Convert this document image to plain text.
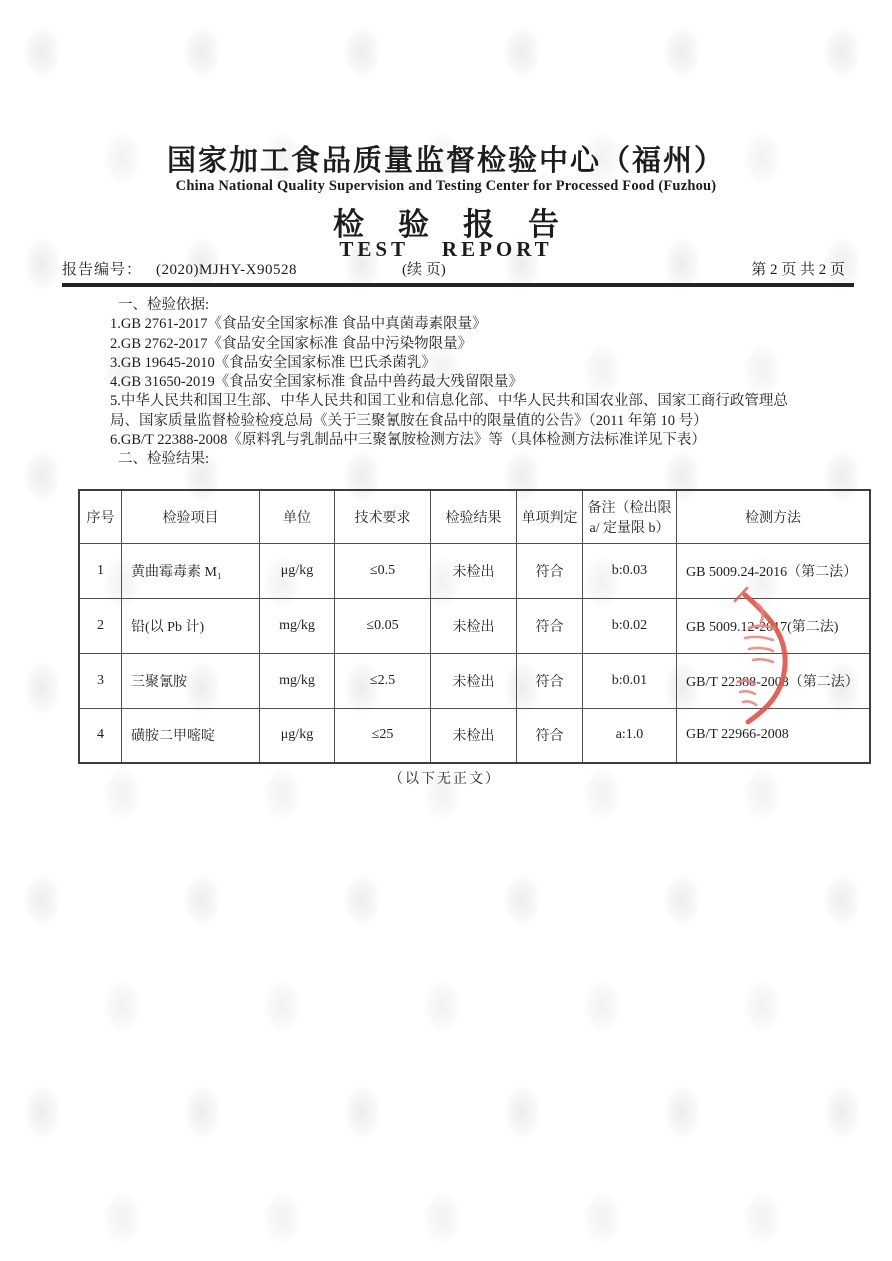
国家加工食品质量监督检验中心（福州）
China National Quality Supervision and Testing Center for Processed Food (Fuzhou)
检验报告
TEST REPORT
报告编号： (2020)MJHY-X90528	(续 页)	第 2 页 共 2 页
一、检验依据:
1.GB 2761-2017《食品安全国家标准 食品中真菌毒素限量》
2.GB 2762-2017《食品安全国家标准 食品中污染物限量》
3.GB 19645-2010《食品安全国家标准 巴氏杀菌乳》
4.GB 31650-2019《食品安全国家标准 食品中兽药最大残留限量》
5.中华人民共和国卫生部、中华人民共和国工业和信息化部、中华人民共和国农业部、国家工商行政管理总局、国家质量监督检验检疫总局《关于三聚氰胺在食品中的限量值的公告》（2011 年第 10 号）
6.GB/T 22388-2008《原料乳与乳制品中三聚氰胺检测方法》等（具体检测方法标准详见下表）
二、检验结果:
序号	检验项目	单位	技术要求	检验结果	单项判定	备注（检出限 a/ 定量限 b）	检测方法
1	黄曲霉毒素 M₁	μg/kg	≤0.5	未检出	符合	b:0.03	GB 5009.24-2016（第二法）
2	铅(以 Pb 计)	mg/kg	≤0.05	未检出	符合	b:0.02	GB 5009.12-2017(第二法)
3	三聚氰胺	mg/kg	≤2.5	未检出	符合	b:0.01	GB/T 22388-2008（第二法）
4	磺胺二甲嘧啶	μg/kg	≤25	未检出	符合	a:1.0	GB/T 22966-2008
（以下无正文）
